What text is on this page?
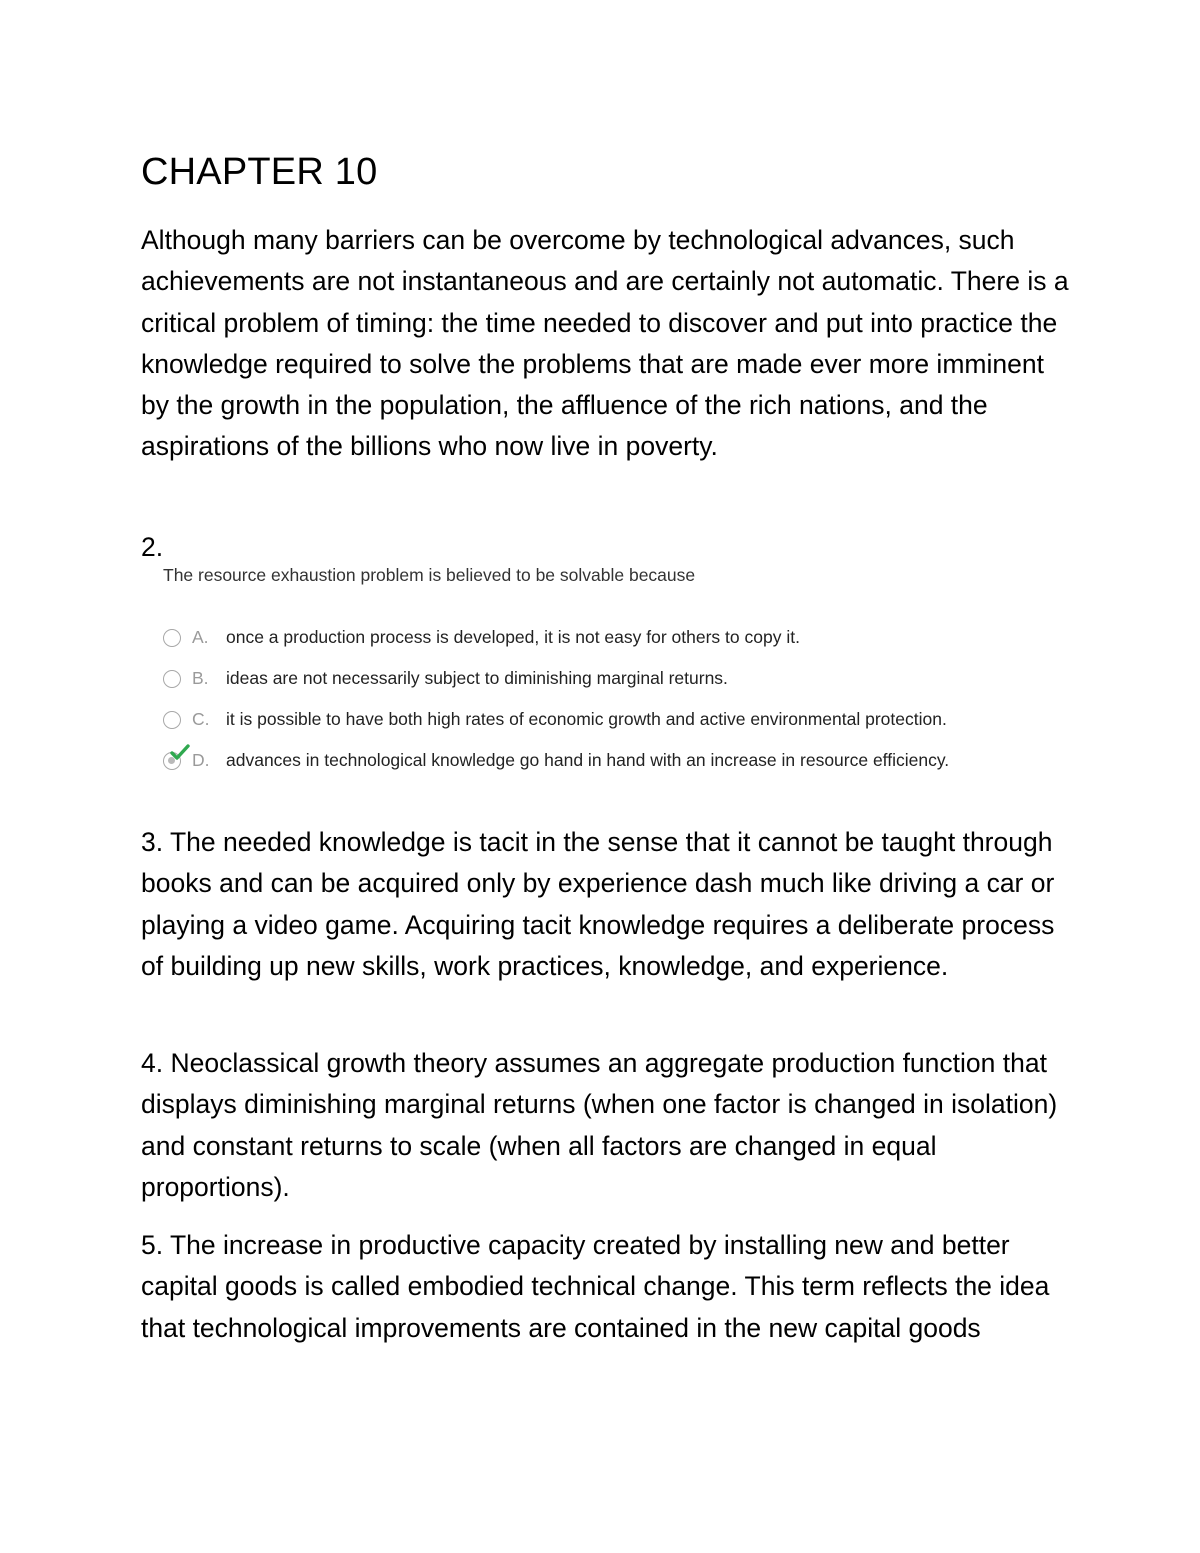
CHAPTER 10

Although many barriers can be overcome by technological advances, such achievements are not instantaneous and are certainly not automatic. There is a critical problem of timing: the time needed to discover and put into practice the knowledge required to solve the problems that are made ever more imminent by the growth in the population, the affluence of the rich nations, and the aspirations of the billions who now live in poverty.

2.

The resource exhaustion problem is believed to be solvable because

A. once a production process is developed, it is not easy for others to copy it.
B. ideas are not necessarily subject to diminishing marginal returns.
C. it is possible to have both high rates of economic growth and active environmental protection.
D. advances in technological knowledge go hand in hand with an increase in resource efficiency.

3. The needed knowledge is tacit in the sense that it cannot be taught through books and can be acquired only by experience dash much like driving a car or playing a video game. Acquiring tacit knowledge requires a deliberate process of building up new skills, work practices, knowledge, and experience.

4. Neoclassical growth theory assumes an aggregate production function that displays diminishing marginal returns (when one factor is changed in isolation) and constant returns to scale (when all factors are changed in equal proportions).

5. The increase in productive capacity created by installing new and better capital goods is called embodied technical change. This term reflects the idea that technological improvements are contained in the new capital goods
